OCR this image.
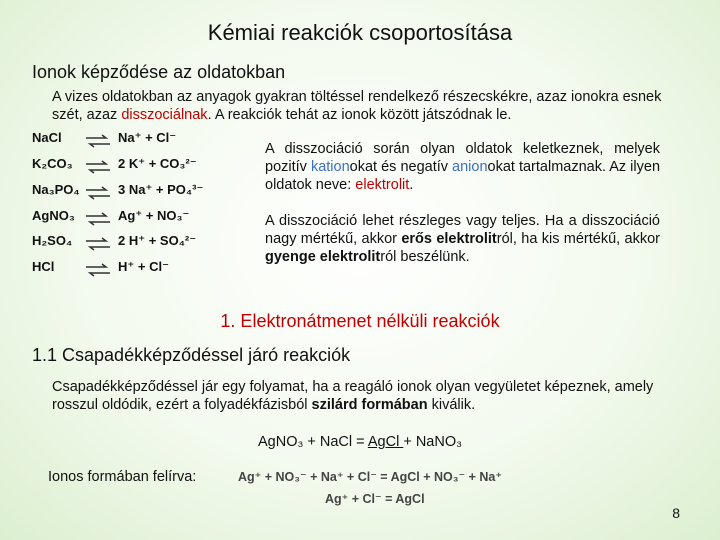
Kémiai reakciók csoportosítása
Ionok képződése az oldatokban
A vizes oldatokban az anyagok gyakran töltéssel rendelkező részecskékre, azaz ionokra esnek szét, azaz disszociálnak. A reakciók tehát az ionok között játszódnak le.
NaCl ⇌ Na⁺ + Cl⁻
K₂CO₃ ⇌ 2 K⁺ + CO₃²⁻
Na₃PO₄ ⇌ 3 Na⁺ + PO₄³⁻
AgNO₃ ⇌ Ag⁺ + NO₃⁻
H₂SO₄ ⇌ 2 H⁺ + SO₄²⁻
HCl ⇌ H⁺ + Cl⁻
A disszociáció során olyan oldatok keletkeznek, melyek pozitív kationokat és negatív anionokat tartalmaznak. Az ilyen oldatok neve: elektrolit.
A disszociáció lehet részleges vagy teljes. Ha a disszociáció nagy mértékű, akkor erős elektrolitról, ha kis mértékű, akkor gyenge elektrolitról beszélünk.
1. Elektronátmenet nélküli reakciók
1.1 Csapadékképződéssel járó reakciók
Csapadékképződéssel jár egy folyamat, ha a reagáló ionok olyan vegyületet képeznek, amely rosszul oldódik, ezért a folyadékfázisból szilárd formában kiválik.
AgNO₃ + NaCl = AgCl + NaNO₃
Ionos formában felírva:	Ag⁺ + NO₃⁻ + Na⁺ + Cl⁻ = AgCl + NO₃⁻ + Na⁺
Ag⁺ + Cl⁻ = AgCl
8
